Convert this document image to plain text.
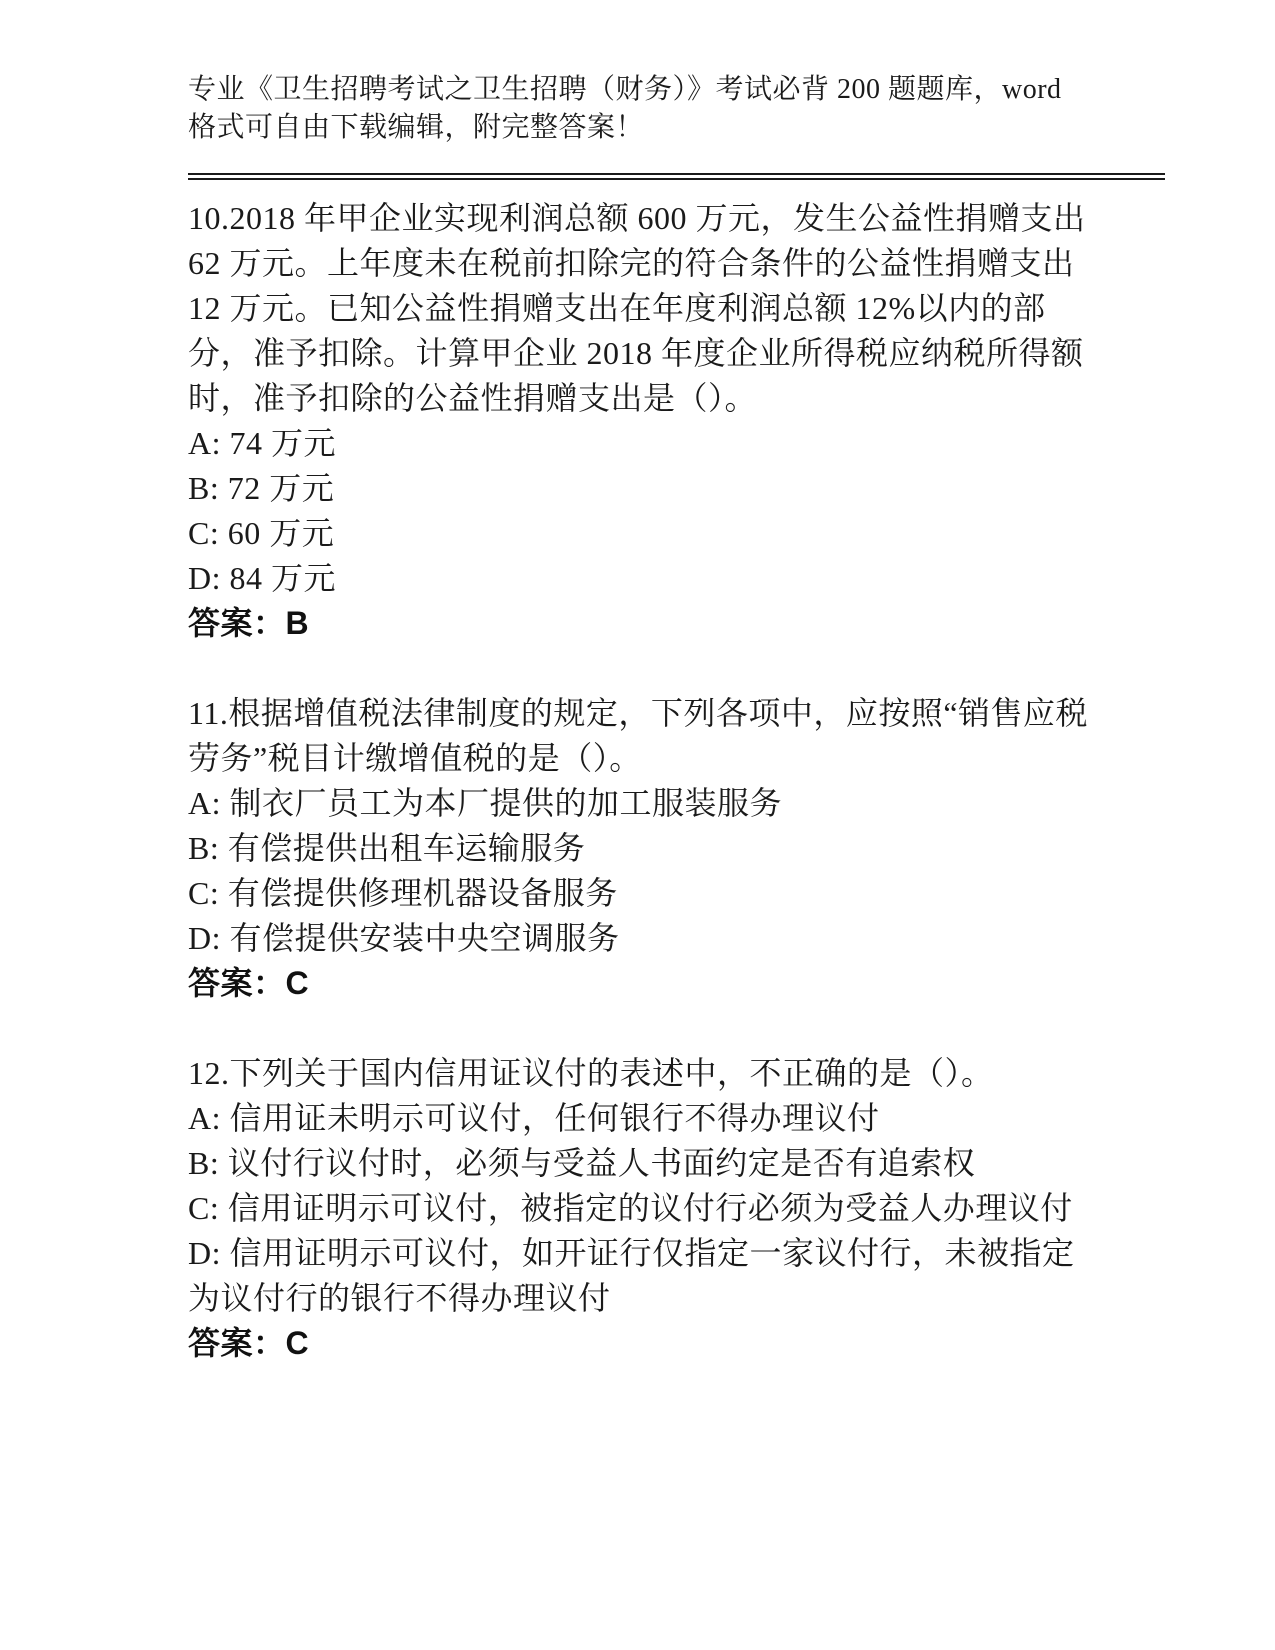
专业《卫生招聘考试之卫生招聘（财务）》考试必背 200 题题库，word 格式可自由下载编辑，附完整答案！

10.2018 年甲企业实现利润总额 600 万元，发生公益性捐赠支出 62 万元。上年度未在税前扣除完的符合条件的公益性捐赠支出 12 万元。已知公益性捐赠支出在年度利润总额 12%以内的部分，准予扣除。计算甲企业 2018 年度企业所得税应纳税所得额时，准予扣除的公益性捐赠支出是（）。

A: 74 万元

B: 72 万元

C: 60 万元

D: 84 万元

答案：B

11.根据增值税法律制度的规定，下列各项中，应按照“销售应税劳务”税目计缴增值税的是（）。

A: 制衣厂员工为本厂提供的加工服装服务

B: 有偿提供出租车运输服务

C: 有偿提供修理机器设备服务

D: 有偿提供安装中央空调服务

答案：C

12.下列关于国内信用证议付的表述中，不正确的是（）。

A: 信用证未明示可议付，任何银行不得办理议付

B: 议付行议付时，必须与受益人书面约定是否有追索权

C: 信用证明示可议付，被指定的议付行必须为受益人办理议付

D: 信用证明示可议付，如开证行仅指定一家议付行，未被指定为议付行的银行不得办理议付

答案：C
